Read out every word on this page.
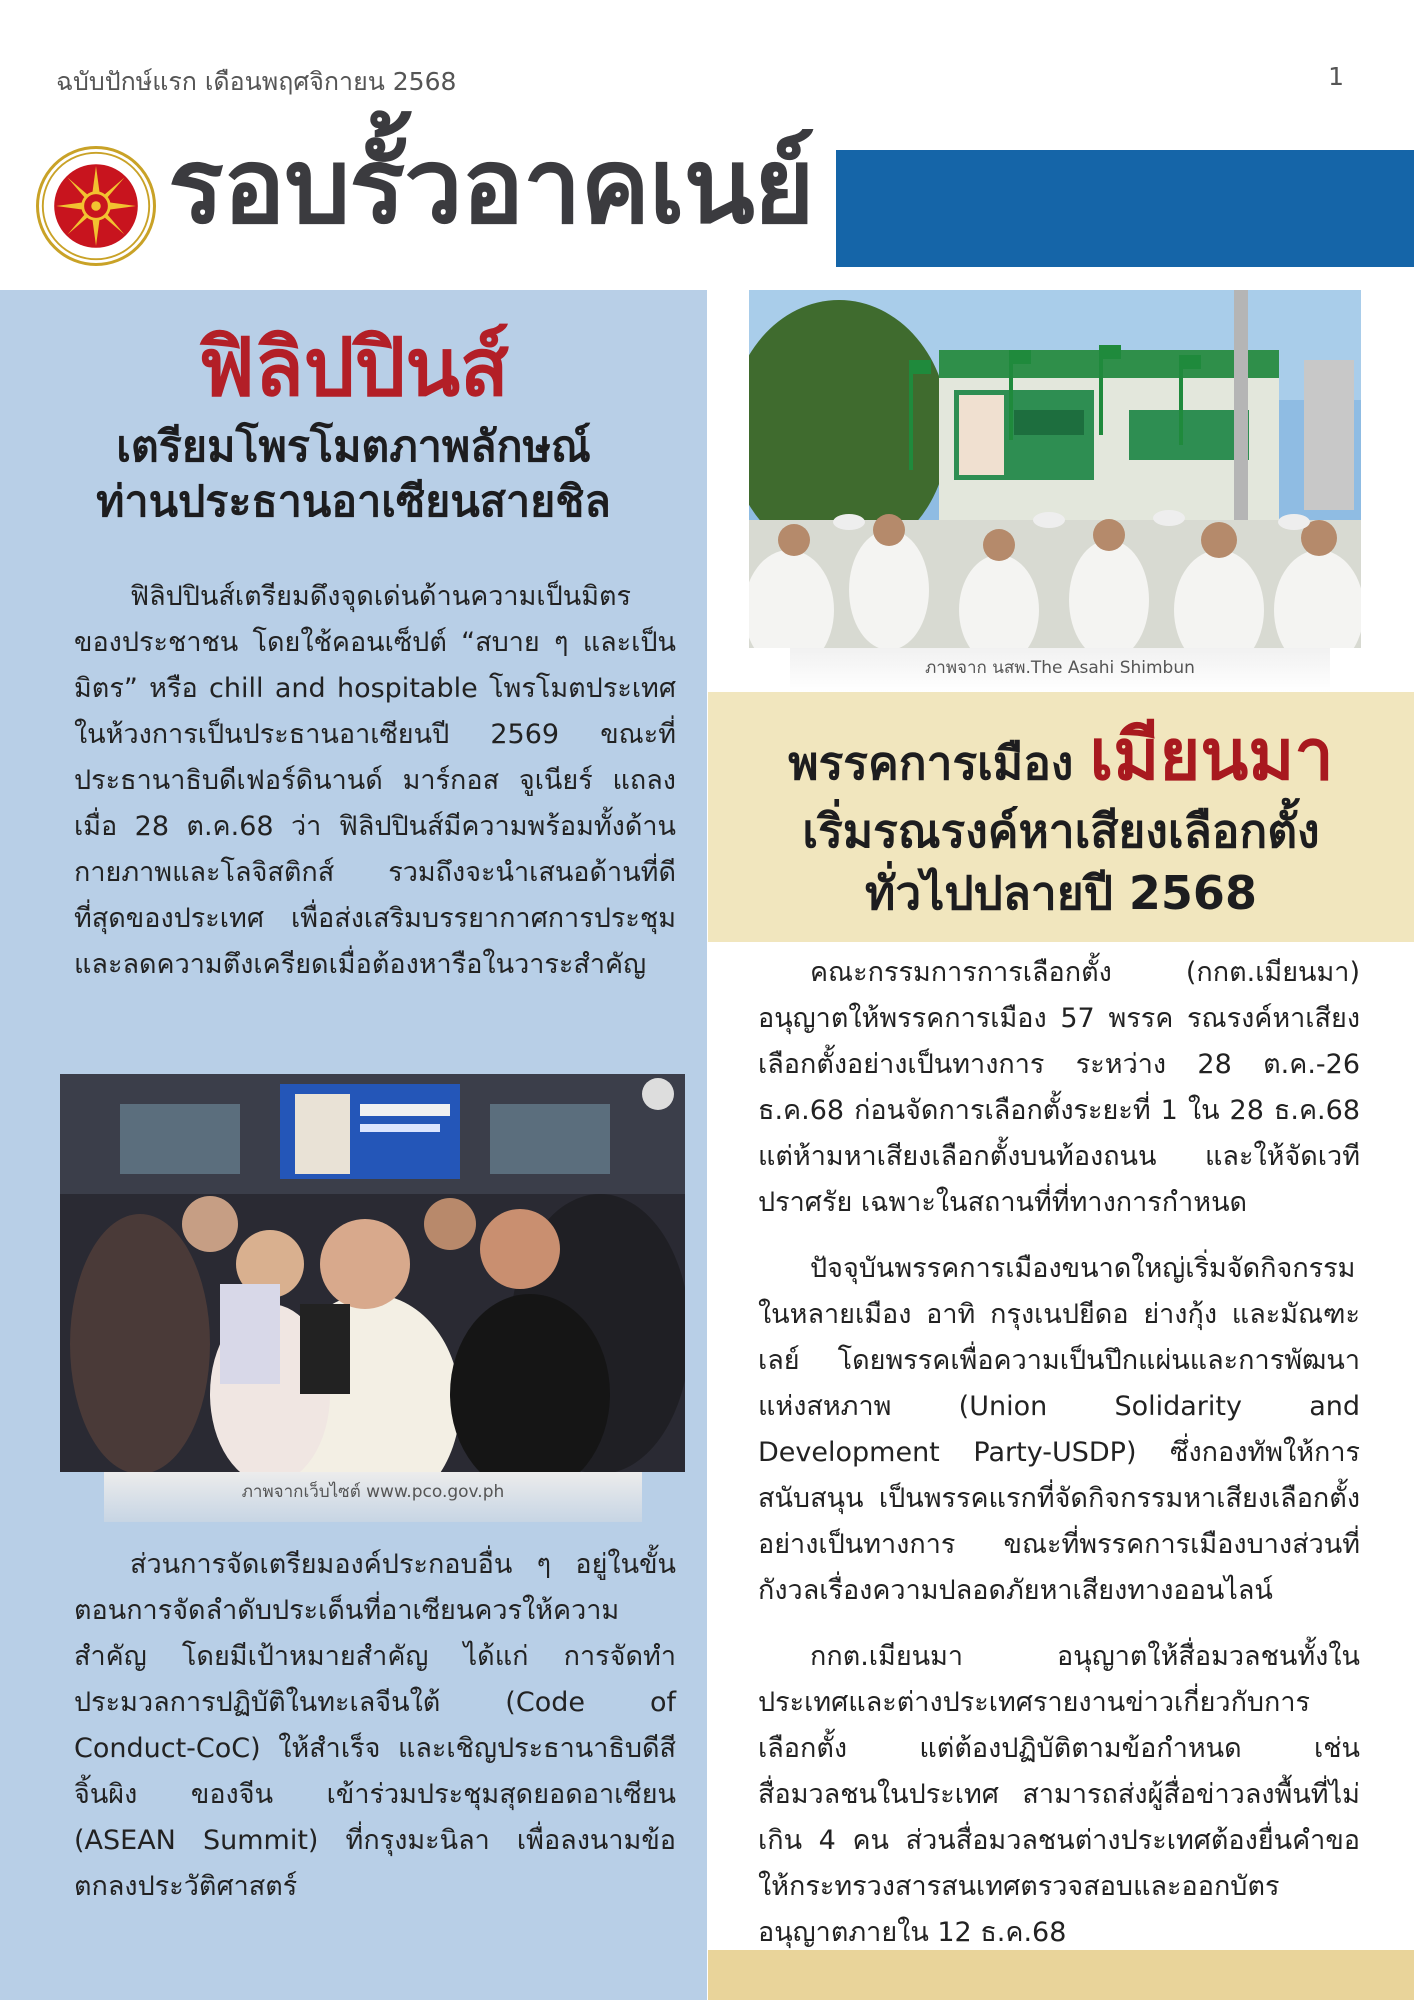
ฉบับปักษ์แรก เดือนพฤศจิกายน 2568	1
รอบรั้วอาคเนย์
ฟิลิปปินส์
เตรียมโพรโมตภาพลักษณ์
ท่านประธานอาเซียนสายชิล

ฟิลิปปินส์เตรียมดึงจุดเด่นด้านความเป็นมิตรของประชาชน โดยใช้คอนเซ็ปต์ “สบาย ๆ และเป็นมิตร” หรือ chill and hospitable โพรโมตประเทศในห้วงการเป็นประธานอาเซียนปี 2569 ขณะที่ ประธานาธิบดีเฟอร์ดินานด์ มาร์กอส จูเนียร์ แถลงเมื่อ 28 ต.ค.68 ว่า ฟิลิปปินส์มีความพร้อมทั้งด้านกายภาพและโลจิสติกส์ รวมถึงจะนำเสนอด้านที่ดีที่สุดของประเทศ เพื่อส่งเสริมบรรยากาศการประชุม และลดความตึงเครียดเมื่อต้องหารือในวาระสำคัญ

ภาพจากเว็บไซต์ www.pco.gov.ph

ส่วนการจัดเตรียมองค์ประกอบอื่น ๆ อยู่ในขั้นตอนการจัดลำดับประเด็นที่อาเซียนควรให้ความสำคัญ โดยมีเป้าหมายสำคัญ ได้แก่ การจัดทำประมวลการปฏิบัติในทะเลจีนใต้ (Code of Conduct-CoC) ให้สำเร็จ และเชิญประธานาธิบดีสี จิ้นผิง ของจีน เข้าร่วมประชุมสุดยอดอาเซียน (ASEAN Summit) ที่กรุงมะนิลา เพื่อลงนามข้อตกลงประวัติศาสตร์

ภาพจาก นสพ.The Asahi Shimbun
พรรคการเมือง เมียนมา
เริ่มรณรงค์หาเสียงเลือกตั้ง
ทั่วไปปลายปี 2568

คณะกรรมการการเลือกตั้ง (กกต.เมียนมา) อนุญาตให้พรรคการเมือง 57 พรรค รณรงค์หาเสียงเลือกตั้งอย่างเป็นทางการ ระหว่าง 28 ต.ค.-26 ธ.ค.68 ก่อนจัดการเลือกตั้งระยะที่ 1 ใน 28 ธ.ค.68 แต่ห้ามหาเสียงเลือกตั้งบนท้องถนน และให้จัดเวทีปราศรัย เฉพาะในสถานที่ที่ทางการกำหนด

ปัจจุบันพรรคการเมืองขนาดใหญ่เริ่มจัดกิจกรรมในหลายเมือง อาทิ กรุงเนปยีดอ ย่างกุ้ง และมัณฑะเลย์ โดยพรรคเพื่อความเป็นปึกแผ่นและการพัฒนาแห่งสหภาพ (Union Solidarity and Development Party-USDP) ซึ่งกองทัพให้การสนับสนุน เป็นพรรคแรกที่จัดกิจกรรมหาเสียงเลือกตั้งอย่างเป็นทางการ ขณะที่พรรคการเมืองบางส่วนที่กังวลเรื่องความปลอดภัยหาเสียงทางออนไลน์

กกต.เมียนมา อนุญาตให้สื่อมวลชนทั้งในประเทศและต่างประเทศรายงานข่าวเกี่ยวกับการเลือกตั้ง แต่ต้องปฏิบัติตามข้อกำหนด เช่น สื่อมวลชนในประเทศ สามารถส่งผู้สื่อข่าวลงพื้นที่ไม่เกิน 4 คน ส่วนสื่อมวลชนต่างประเทศต้องยื่นคำขอให้กระทรวงสารสนเทศตรวจสอบและออกบัตรอนุญาตภายใน 12 ธ.ค.68
